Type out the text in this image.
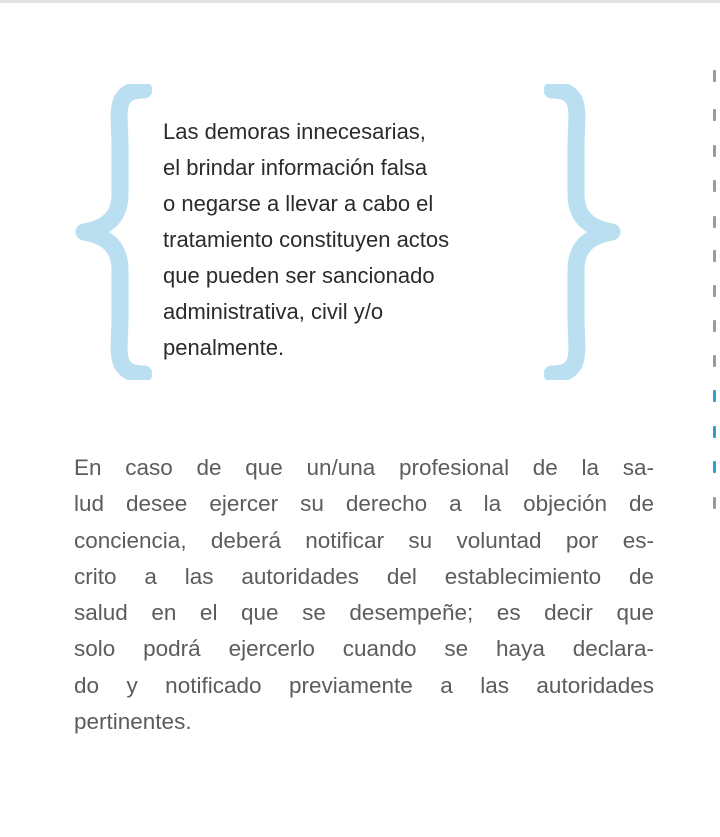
Las demoras innecesarias,
el brindar información falsa
o negarse a llevar a cabo el
tratamiento constituyen actos
que pueden ser sancionado
administrativa, civil y/o
penalmente.

En caso de que un/una profesional de la sa-
lud desee ejercer su derecho a la objeción de
conciencia, deberá notificar su voluntad por es-
crito a las autoridades del establecimiento de
salud en el que se desempeñe; es decir que
solo podrá ejercerlo cuando se haya declara-
do y notificado previamente a las autoridades
pertinentes.
